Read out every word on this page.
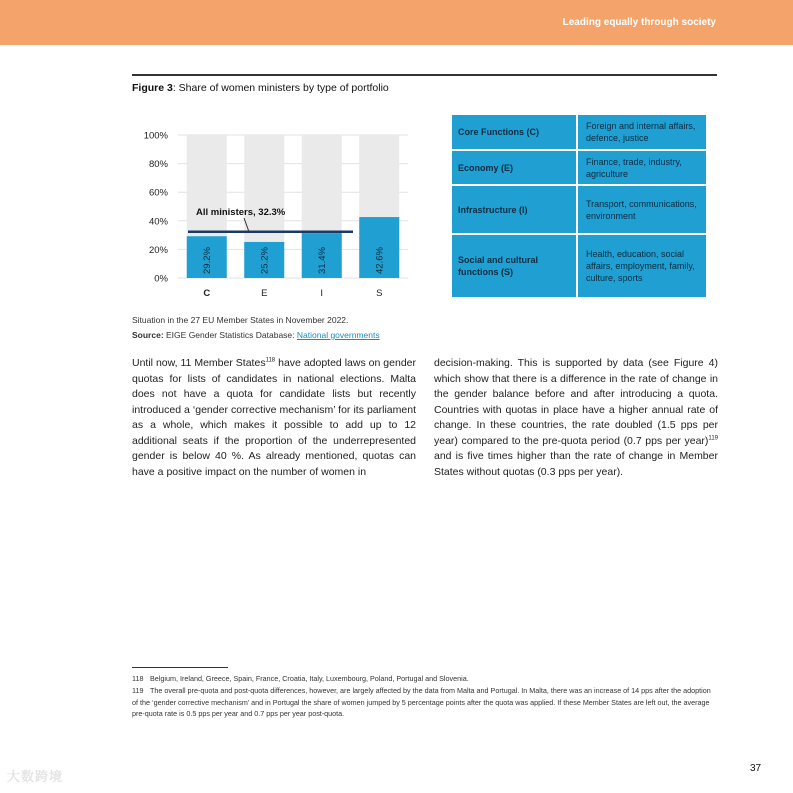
Leading equally through society
Figure 3: Share of women ministers by type of portfolio
0%
20%
40%
60%
80%
100%
29.2%	25.2%	31.4%	42.6%
All ministers, 32.3%
C	E	I	S
Core Functions (C)	Foreign and internal affairs, defence, justice
Economy (E)	Finance, trade, industry, agriculture
Infrastructure (I)	Transport, communications, environment
Social and cultural functions (S)	Health, education, social affairs, employment, family, culture, sports
Situation in the 27 EU Member States in November 2022.
Source: EIGE Gender Statistics Database: National governments
Until now, 11 Member States$^{118}$ have adopted laws on gender quotas for lists of candidates in national elections. Malta does not have a quota for candidate lists but recently introduced a ‘gender corrective mechanism’ for its parliament as a whole, which makes it possible to add up to 12 additional seats if the proportion of the underrepresented gender is below 40 %. As already mentioned, quotas can have a positive impact on the number of women in
decision-making. This is supported by data (see Figure 4) which show that there is a difference in the rate of change in the gender balance before and after introducing a quota. Countries with quotas in place have a higher annual rate of change. In these countries, the rate doubled (1.5 pps per year) compared to the pre-quota period (0.7 pps per year)$^{119}$ and is five times higher than the rate of change in Member States without quotas (0.3 pps per year).
118 Belgium, Ireland, Greece, Spain, France, Croatia, Italy, Luxembourg, Poland, Portugal and Slovenia.
119 The overall pre-quota and post-quota differences, however, are largely affected by the data from Malta and Portugal. In Malta, there was an increase of 14 pps after the adoption of the ‘gender corrective mechanism’ and in Portugal the share of women jumped by 5 percentage points after the quota was applied. If these Member States are left out, the average pre-quota rate is 0.5 pps per year and 0.7 pps per year post-quota.
37
大数跨境
